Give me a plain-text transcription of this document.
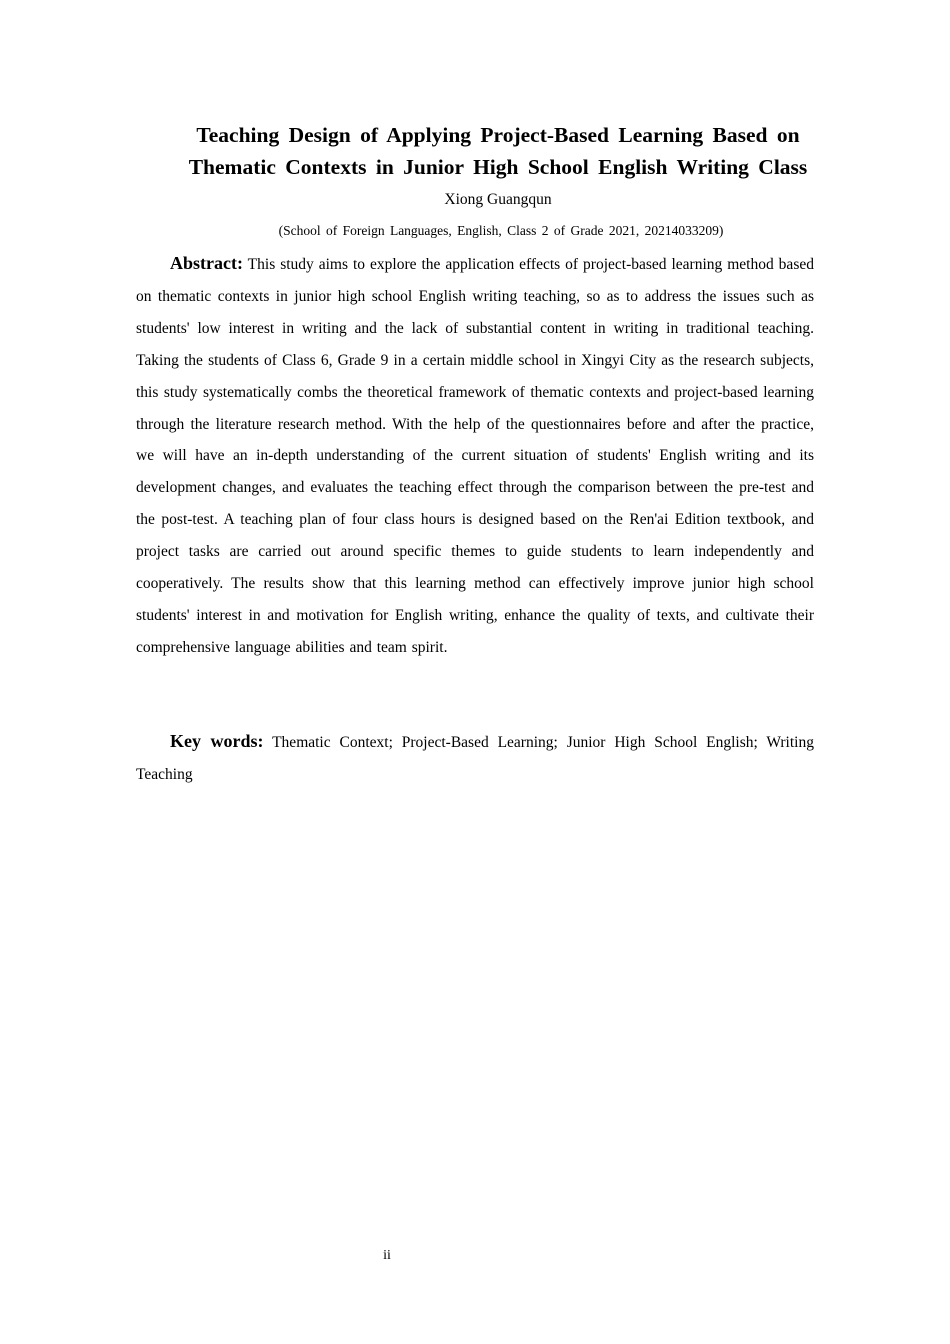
Teaching Design of Applying Project-Based Learning Based on Thematic Contexts in Junior High School English Writing Class

Xiong Guangqun

(School of Foreign Languages, English, Class 2 of Grade 2021, 20214033209)

Abstract: This study aims to explore the application effects of project-based learning method based on thematic contexts in junior high school English writing teaching, so as to address the issues such as students' low interest in writing and the lack of substantial content in writing in traditional teaching. Taking the students of Class 6, Grade 9 in a certain middle school in Xingyi City as the research subjects, this study systematically combs the theoretical framework of thematic contexts and project-based learning through the literature research method. With the help of the questionnaires before and after the practice, we will have an in-depth understanding of the current situation of students' English writing and its development changes, and evaluates the teaching effect through the comparison between the pre-test and the post-test. A teaching plan of four class hours is designed based on the Ren'ai Edition textbook, and project tasks are carried out around specific themes to guide students to learn independently and cooperatively. The results show that this learning method can effectively improve junior high school students' interest in and motivation for English writing, enhance the quality of texts, and cultivate their comprehensive language abilities and team spirit.

Key words: Thematic Context; Project-Based Learning; Junior High School English; Writing Teaching

ii
